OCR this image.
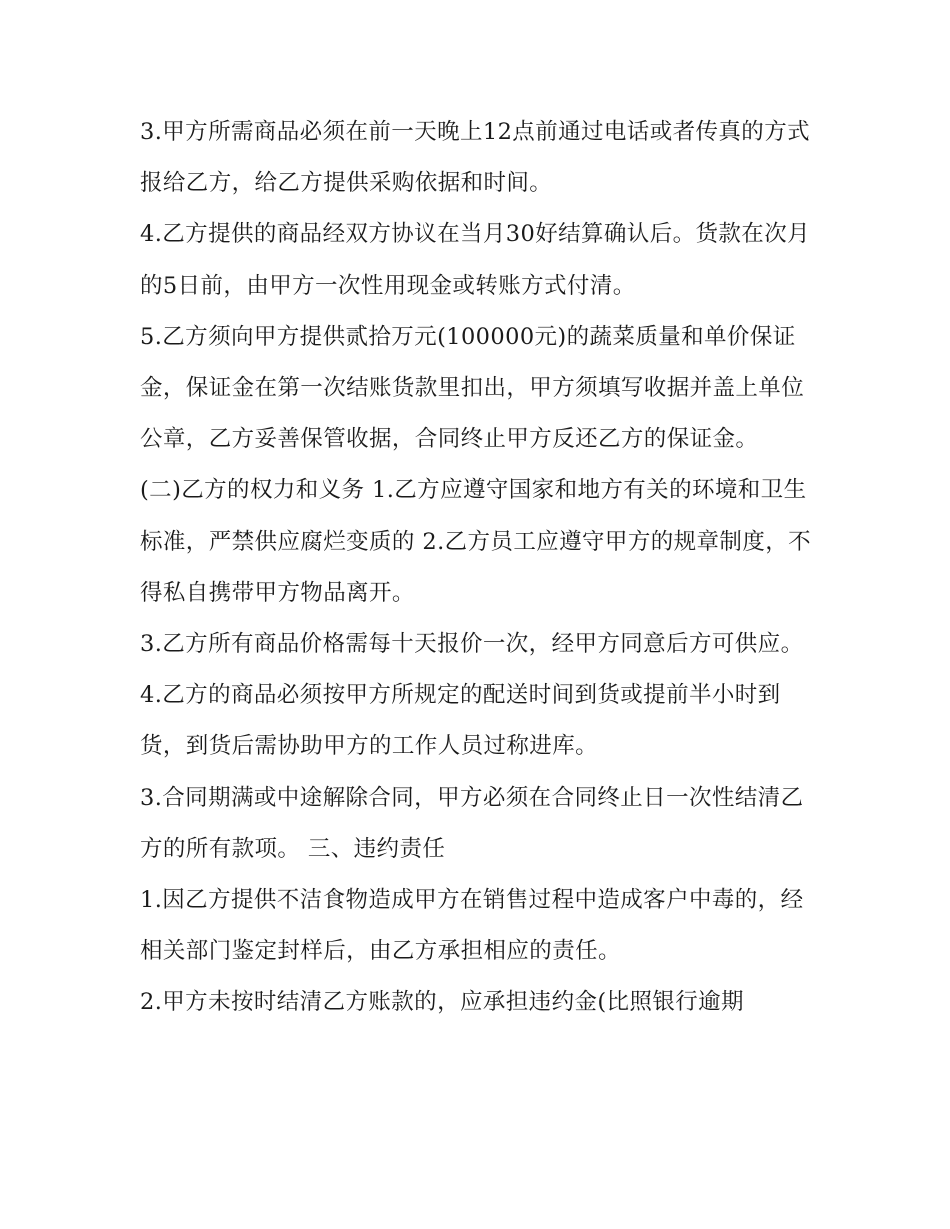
3.甲方所需商品必须在前一天晚上12点前通过电话或者传真的方式报给乙方，给乙方提供采购依据和时间。

4.乙方提供的商品经双方协议在当月30好结算确认后。货款在次月的5日前，由甲方一次性用现金或转账方式付清。

5.乙方须向甲方提供贰拾万元(100000元)的蔬菜质量和单价保证金，保证金在第一次结账货款里扣出，甲方须填写收据并盖上单位公章，乙方妥善保管收据，合同终止甲方反还乙方的保证金。

(二)乙方的权力和义务 1.乙方应遵守国家和地方有关的环境和卫生标准，严禁供应腐烂变质的 2.乙方员工应遵守甲方的规章制度，不得私自携带甲方物品离开。

3.乙方所有商品价格需每十天报价一次，经甲方同意后方可供应。

4.乙方的商品必须按甲方所规定的配送时间到货或提前半小时到货，到货后需协助甲方的工作人员过称进库。

3.合同期满或中途解除合同，甲方必须在合同终止日一次性结清乙方的所有款项。 三、违约责任

1.因乙方提供不洁食物造成甲方在销售过程中造成客户中毒的，经相关部门鉴定封样后，由乙方承担相应的责任。

2.甲方未按时结清乙方账款的，应承担违约金(比照银行逾期
